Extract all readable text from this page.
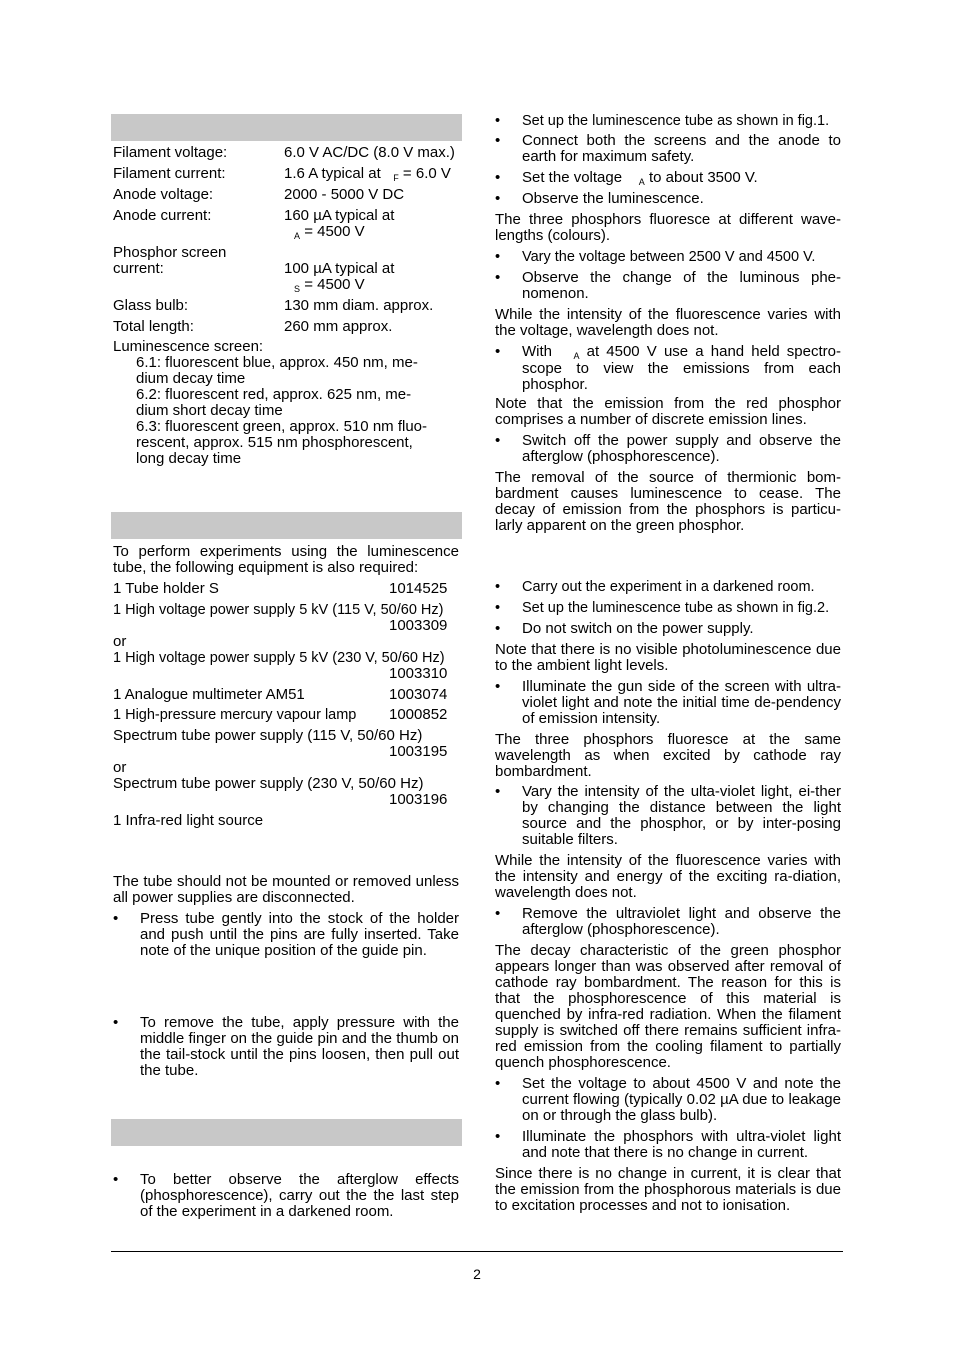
Filament voltage:	6.0 V AC/DC (8.0 V max.)
Filament current:	1.6 A typical at $_F$ = 6.0 V
Anode voltage:	2000 - 5000 V DC
Anode current:	160 µA typical at
$_A$ = 4500 V
Phosphor screen
current:	100 µA typical at
$_S$ = 4500 V
Glass bulb:	130 mm diam. approx.
Total length:	260 mm approx.
Luminescence screen:
6.1: fluorescent blue, approx. 450 nm, me-
dium decay time
6.2: fluorescent red, approx. 625 nm, me-
dium short decay time
6.3: fluorescent green, approx. 510 nm fluo-
rescent, approx. 515 nm phosphorescent,
long decay time
To perform experiments using the luminescence tube, the following equipment is also required:
1 Tube holder S	1014525
1 High voltage power supply 5 kV (115 V, 50/60 Hz)
1003309
or
1 High voltage power supply 5 kV (230 V, 50/60 Hz)
1003310
1 Analogue multimeter AM51	1003074
1 High-pressure mercury vapour lamp 1000852
Spectrum tube power supply (115 V, 50/60 Hz)
1003195
or
Spectrum tube power supply (230 V, 50/60 Hz)
1003196
1 Infra-red light source
The tube should not be mounted or removed unless all power supplies are disconnected.
• Press tube gently into the stock of the holder and push until the pins are fully inserted. Take note of the unique position of the guide pin.
• To remove the tube, apply pressure with the middle finger on the guide pin and the thumb on the tail-stock until the pins loosen, then pull out the tube.
• To better observe the afterglow effects (phosphorescence), carry out the the last step of the experiment in a darkened room.
• Set up the luminescence tube as shown in fig.1.
• Connect both the screens and the anode to earth for maximum safety.
• Set the voltage $_A$ to about 3500 V.
• Observe the luminescence.
The three phosphors fluoresce at different wave-lengths (colours).
• Vary the voltage between 2500 V and 4500 V.
• Observe the change of the luminous phe-nomenon.
While the intensity of the fluorescence varies with the voltage, wavelength does not.
• With $_A$ at 4500 V use a hand held spectro-scope to view the emissions from each phosphor.
Note that the emission from the red phosphor comprises a number of discrete emission lines.
• Switch off the power supply and observe the afterglow (phosphorescence).
The removal of the source of thermionic bom-bardment causes luminescence to cease. The decay of emission from the phosphors is particu-larly apparent on the green phosphor.
• Carry out the experiment in a darkened room.
• Set up the luminescence tube as shown in fig.2.
• Do not switch on the power supply.
Note that there is no visible photoluminescence due to the ambient light levels.
• Illuminate the gun side of the screen with ultra-violet light and note the initial time de-pendency of emission intensity.
The three phosphors fluoresce at the same wavelength as when excited by cathode ray bombardment.
• Vary the intensity of the ulta-violet light, ei-ther by changing the distance between the light source and the phosphor, or by inter-posing suitable filters.
While the intensity of the fluorescence varies with the intensity and energy of the exciting ra-diation, wavelength does not.
• Remove the ultraviolet light and observe the afterglow (phosphorescence).
The decay characteristic of the green phosphor appears longer than was observed after removal of cathode ray bombardment. The reason for this is that the phosphorescence of this material is quenched by infra-red radiation. When the filament supply is switched off there remains sufficient infra-red emission from the cooling filament to partially quench phosphorescence.
• Set the voltage to about 4500 V and note the current flowing (typically 0.02 µA due to leakage on or through the glass bulb).
• Illuminate the phosphors with ultra-violet light and note that there is no change in current.
Since there is no change in current, it is clear that the emission from the phosphorous materials is due to excitation processes and not to ionisation.
2
